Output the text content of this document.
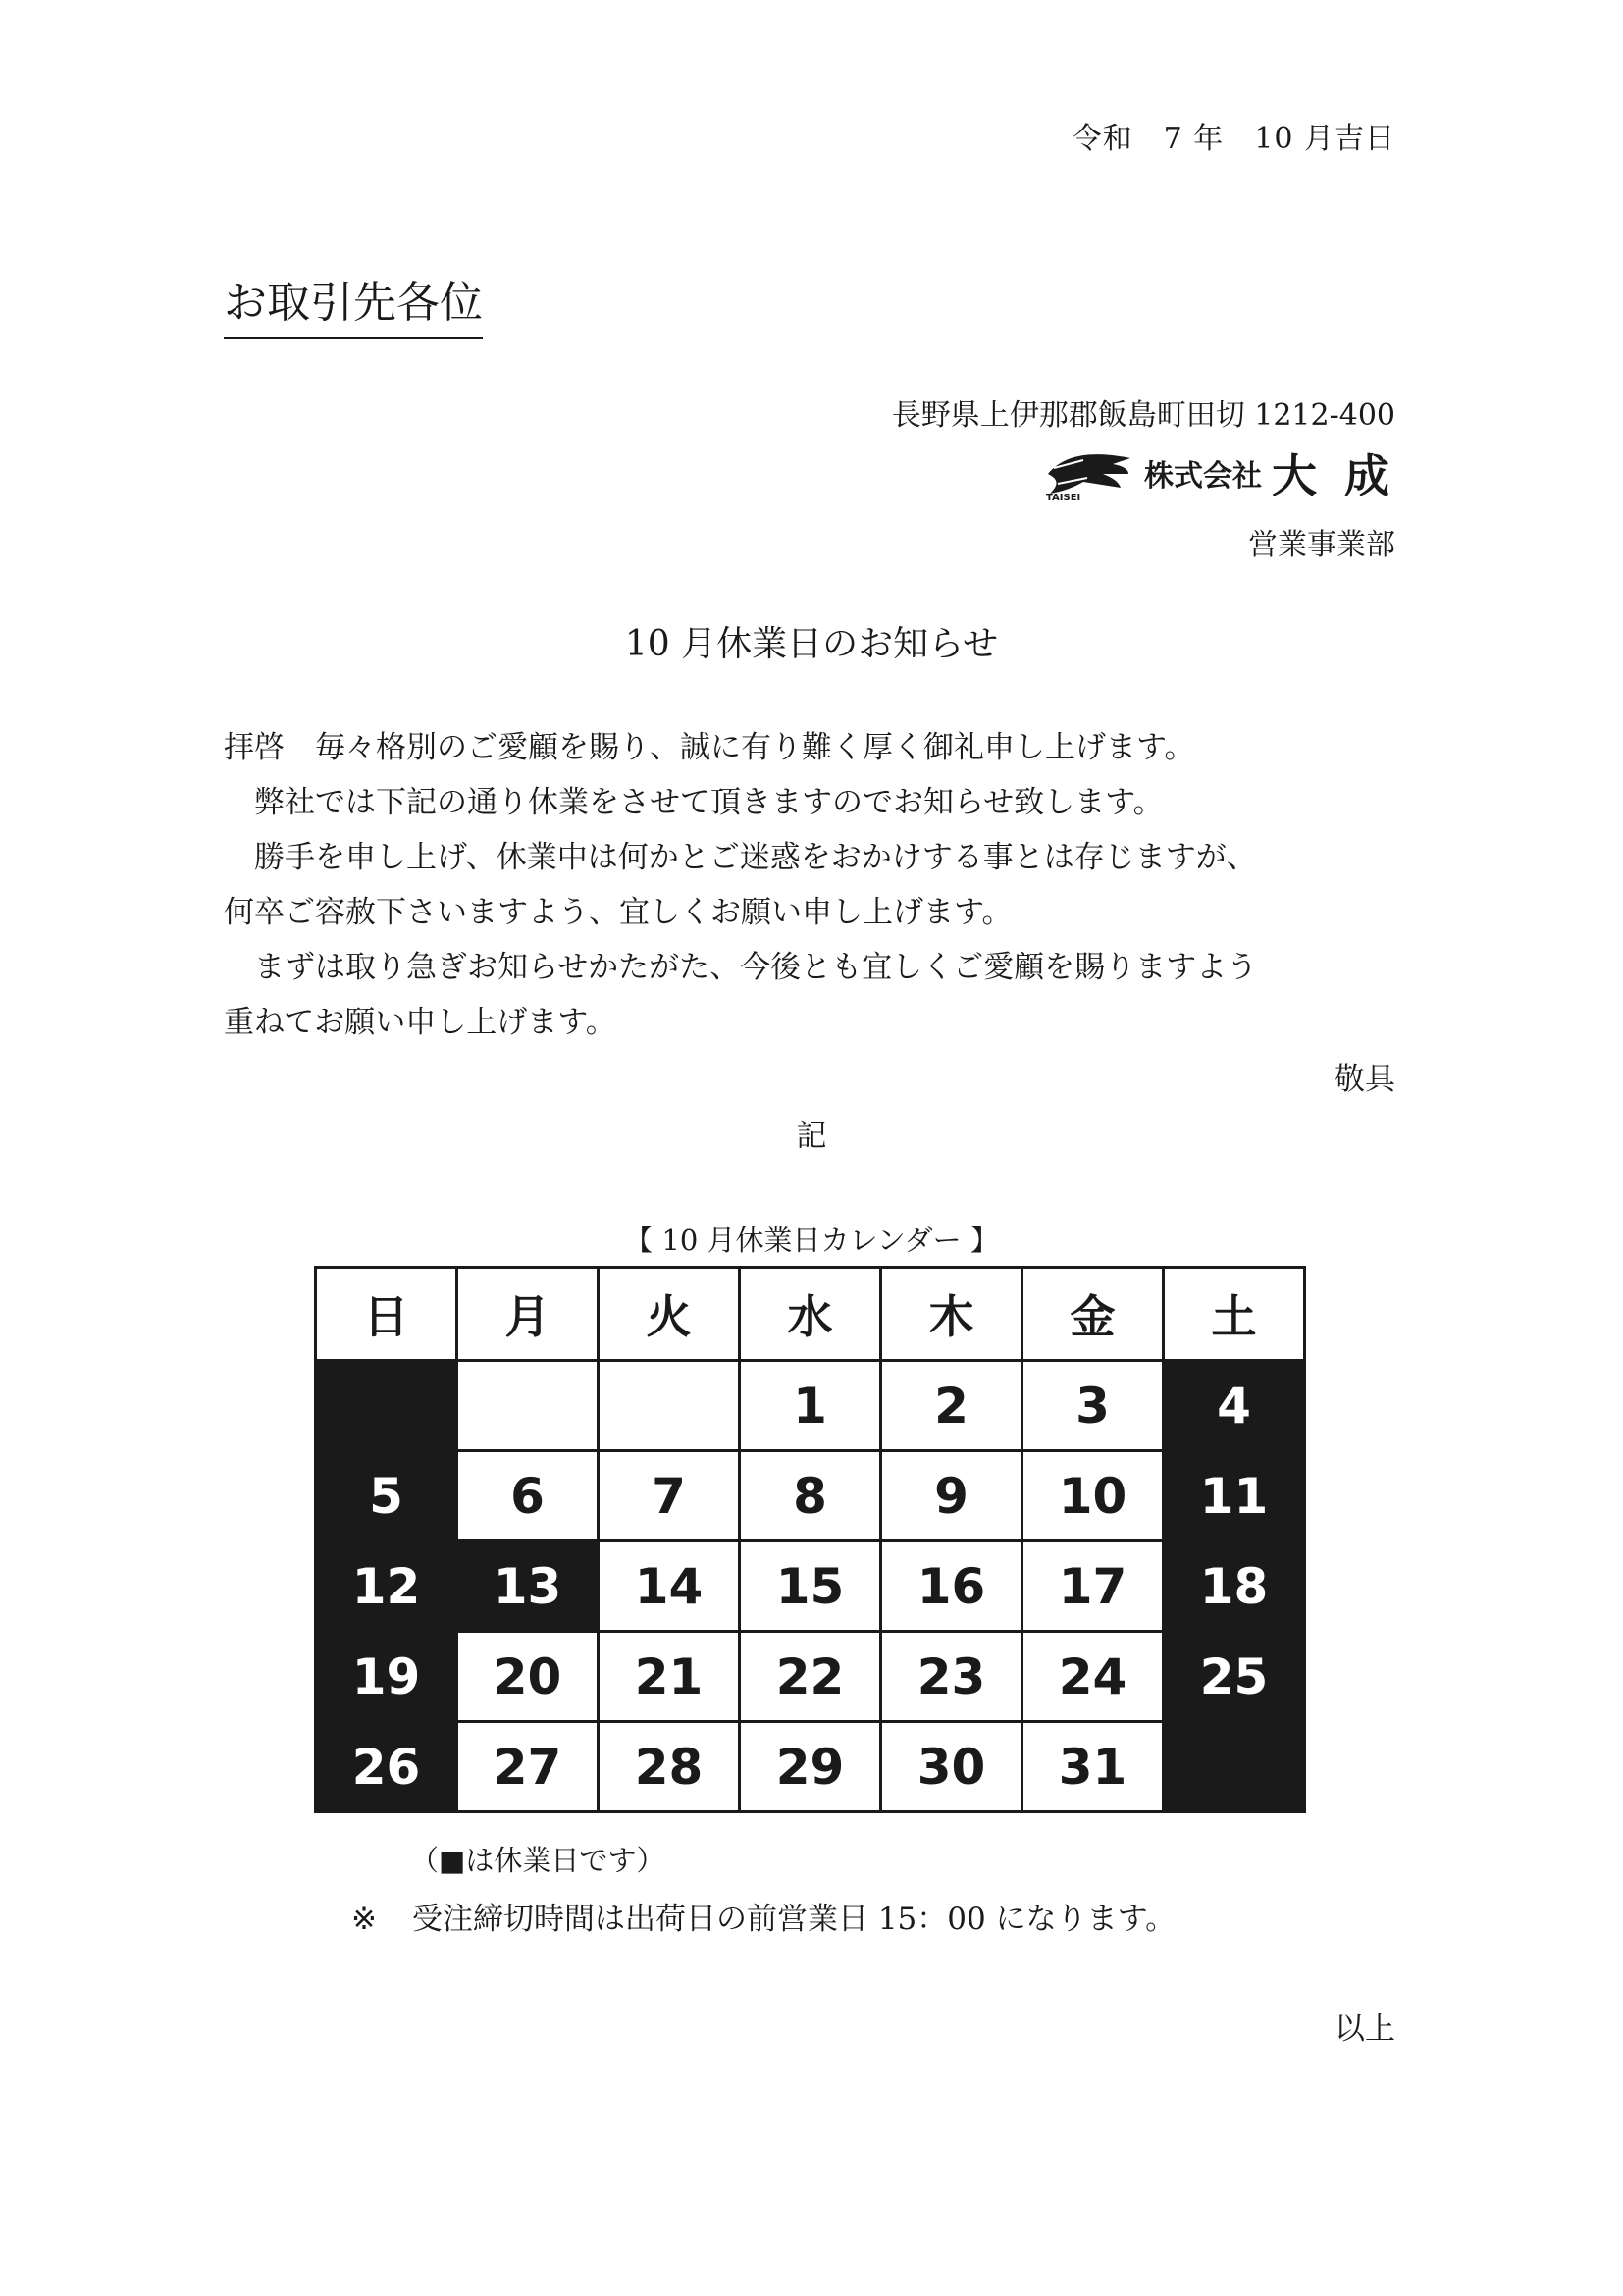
令和　7 年　10 月吉日
お取引先各位
長野県上伊那郡飯島町田切 1212-400
TAISEI
株式会社 大 成
営業事業部
10 月休業日のお知らせ

拝啓　毎々格別のご愛顧を賜り、誠に有り難く厚く御礼申し上げます。

　弊社では下記の通り休業をさせて頂きますのでお知らせ致します。

　勝手を申し上げ、休業中は何かとご迷惑をおかけする事とは存じますが、

何卒ご容赦下さいますよう、宜しくお願い申し上げます。

　まずは取り急ぎお知らせかたがた、今後とも宜しくご愛顧を賜りますよう

重ねてお願い申し上げます。

敬具
記
【 10 月休業日カレンダー 】
日	月	火	水	木	金	土
			1	2	3	4
5	6	7	8	9	10	11
12	13	14	15	16	17	18
19	20	21	22	23	24	25
26	27	28	29	30	31	
（■は休業日です）
※ 受注締切時間は出荷日の前営業日 15：00 になります。
以上
